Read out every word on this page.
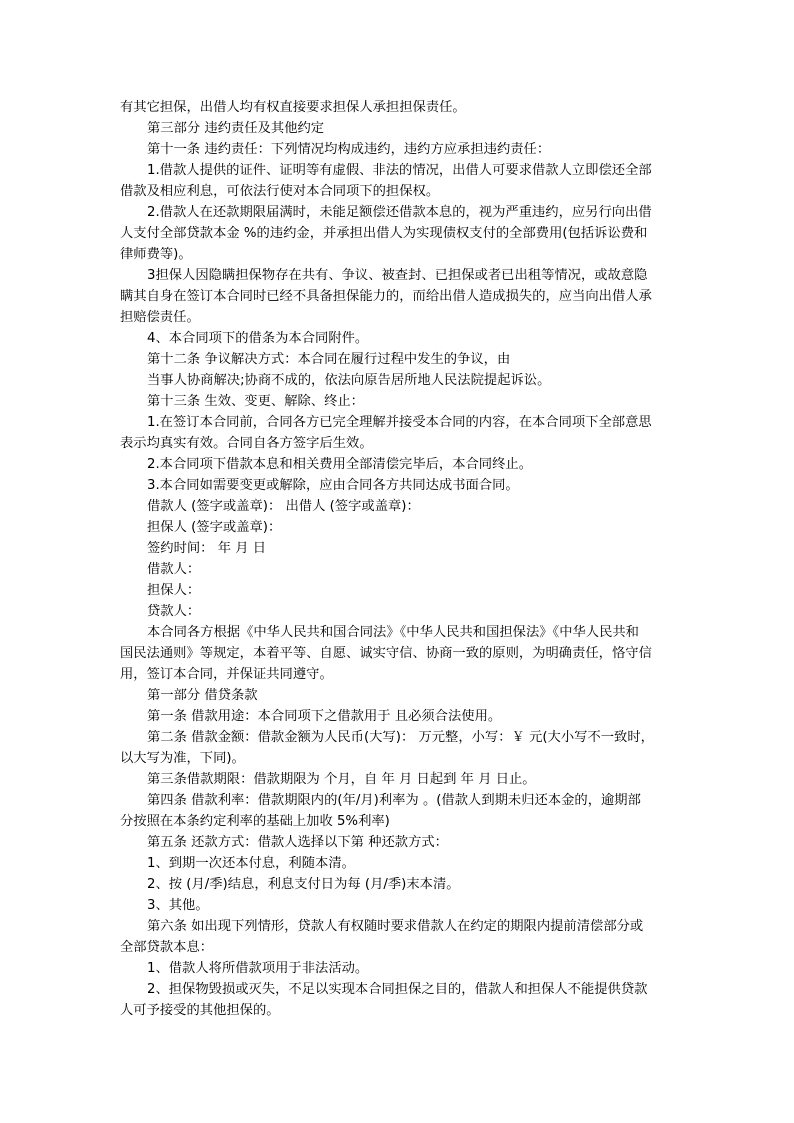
有其它担保，出借人均有权直接要求担保人承担担保责任。
第三部分 违约责任及其他约定
第十一条 违约责任：下列情况均构成违约，违约方应承担违约责任：
1.借款人提供的证件、证明等有虚假、非法的情况，出借人可要求借款人立即偿还全部
借款及相应利息，可依法行使对本合同项下的担保权。
2.借款人在还款期限届满时，未能足额偿还借款本息的，视为严重违约，应另行向出借
人支付全部贷款本金 %的违约金，并承担出借人为实现债权支付的全部费用(包括诉讼费和
律师费等)。
3担保人因隐瞒担保物存在共有、争议、被查封、已担保或者已出租等情况，或故意隐
瞒其自身在签订本合同时已经不具备担保能力的，而给出借人造成损失的，应当向出借人承
担赔偿责任。
4、本合同项下的借条为本合同附件。
第十二条 争议解决方式：本合同在履行过程中发生的争议，由
当事人协商解决;协商不成的，依法向原告居所地人民法院提起诉讼。
第十三条 生效、变更、解除、终止：
1.在签订本合同前，合同各方已完全理解并接受本合同的内容，在本合同项下全部意思
表示均真实有效。合同自各方签字后生效。
2.本合同项下借款本息和相关费用全部清偿完毕后，本合同终止。
3.本合同如需要变更或解除，应由合同各方共同达成书面合同。
借款人 (签字或盖章)： 出借人 (签字或盖章)：
担保人 (签字或盖章)：
签约时间： 年 月 日
借款人：
担保人：
贷款人：
本合同各方根据《中华人民共和国合同法》《中华人民共和国担保法》《中华人民共和
国民法通则》等规定，本着平等、自愿、诚实守信、协商一致的原则，为明确责任，恪守信
用，签订本合同，并保证共同遵守。
第一部分 借贷条款
第一条 借款用途：本合同项下之借款用于 且必须合法使用。
第二条 借款金额：借款金额为人民币(大写)： 万元整，小写：￥ 元(大小写不一致时，
以大写为准，下同)。
第三条借款期限：借款期限为 个月，自 年 月 日起到 年 月 日止。
第四条 借款利率：借款期限内的(年/月)利率为 。(借款人到期未归还本金的，逾期部
分按照在本条约定利率的基础上加收 5%利率)
第五条 还款方式：借款人选择以下第 种还款方式：
1、到期一次还本付息，利随本清。
2、按 (月/季)结息，利息支付日为每 (月/季)末本清。
3、其他。
第六条 如出现下列情形，贷款人有权随时要求借款人在约定的期限内提前清偿部分或
全部贷款本息：
1、借款人将所借款项用于非法活动。
2、担保物毁损或灭失，不足以实现本合同担保之目的，借款人和担保人不能提供贷款
人可予接受的其他担保的。
